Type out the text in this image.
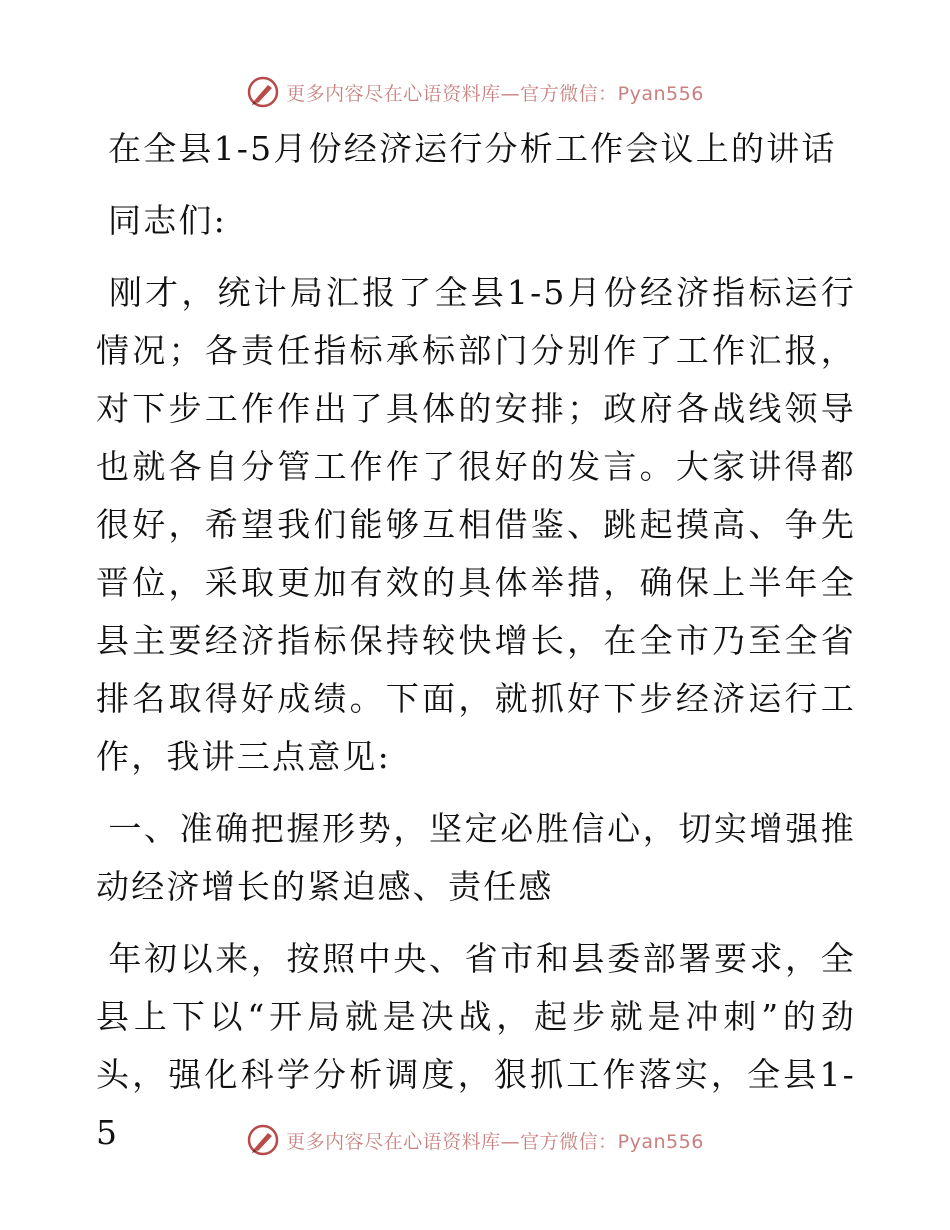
更多内容尽在心语资料库—官方微信：Pyan556

在全县1-5月份经济运行分析工作会议上的讲话

同志们:

刚才，统计局汇报了全县1-5月份经济指标运行情况；各责任指标承标部门分别作了工作汇报，对下步工作作出了具体的安排；政府各战线领导也就各自分管工作作了很好的发言。大家讲得都很好，希望我们能够互相借鉴、跳起摸高、争先晋位，采取更加有效的具体举措，确保上半年全县主要经济指标保持较快增长，在全市乃至全省排名取得好成绩。下面，就抓好下步经济运行工作，我讲三点意见:

一、准确把握形势，坚定必胜信心，切实增强推动经济增长的紧迫感、责任感

年初以来，按照中央、省市和县委部署要求，全县上下以“开局就是决战，起步就是冲刺”的劲头，强化科学分析调度，狠抓工作落实，全县1-5	更多内容尽在心语资料库—官方微信：Pyan556
